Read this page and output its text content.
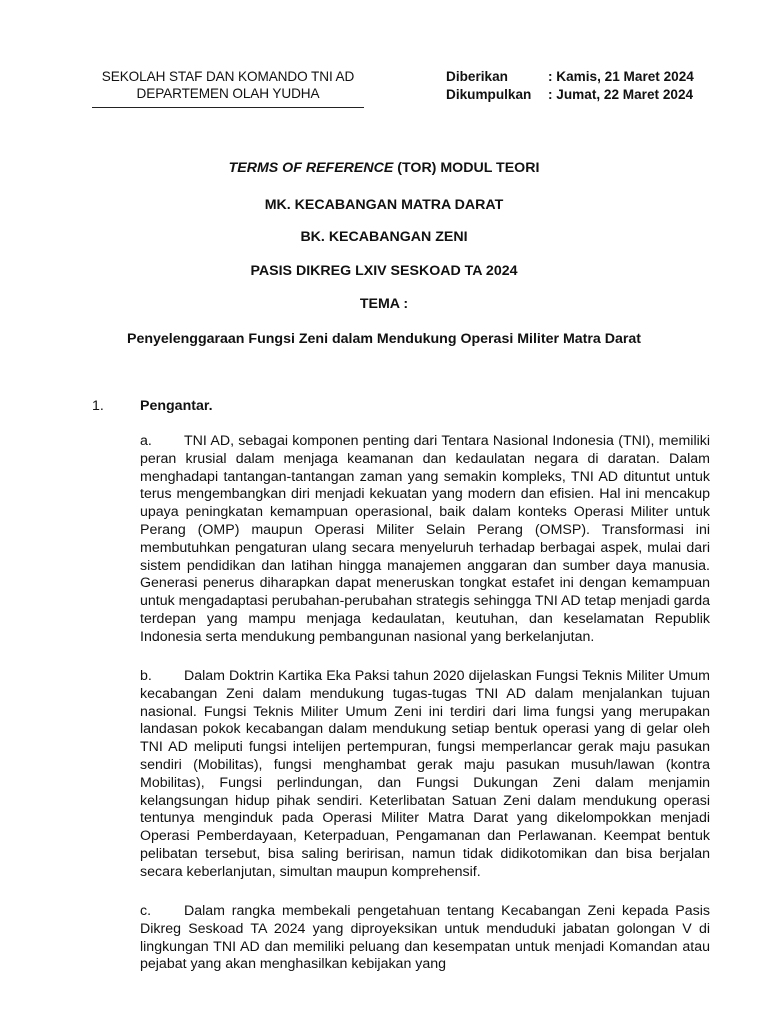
SEKOLAH STAF DAN KOMANDO TNI AD
DEPARTEMEN OLAH YUDHA
Diberikan	: Kamis, 21 Maret 2024
Dikumpulkan	: Jumat, 22 Maret 2024
TERMS OF REFERENCE (TOR) MODUL TEORI
MK. KECABANGAN MATRA DARAT
BK. KECABANGAN ZENI
PASIS DIKREG LXIV SESKOAD TA 2024
TEMA :
Penyelenggaraan Fungsi Zeni dalam Mendukung Operasi Militer Matra Darat
1.	Pengantar.

a. TNI AD, sebagai komponen penting dari Tentara Nasional Indonesia (TNI), memiliki peran krusial dalam menjaga keamanan dan kedaulatan negara di daratan. Dalam menghadapi tantangan-tantangan zaman yang semakin kompleks, TNI AD dituntut untuk terus mengembangkan diri menjadi kekuatan yang modern dan efisien. Hal ini mencakup upaya peningkatan kemampuan operasional, baik dalam konteks Operasi Militer untuk Perang (OMP) maupun Operasi Militer Selain Perang (OMSP). Transformasi ini membutuhkan pengaturan ulang secara menyeluruh terhadap berbagai aspek, mulai dari sistem pendidikan dan latihan hingga manajemen anggaran dan sumber daya manusia. Generasi penerus diharapkan dapat meneruskan tongkat estafet ini dengan kemampuan untuk mengadaptasi perubahan-perubahan strategis sehingga TNI AD tetap menjadi garda terdepan yang mampu menjaga kedaulatan, keutuhan, dan keselamatan Republik Indonesia serta mendukung pembangunan nasional yang berkelanjutan.

b. Dalam Doktrin Kartika Eka Paksi tahun 2020 dijelaskan Fungsi Teknis Militer Umum kecabangan Zeni dalam mendukung tugas-tugas TNI AD dalam menjalankan tujuan nasional. Fungsi Teknis Militer Umum Zeni ini terdiri dari lima fungsi yang merupakan landasan pokok kecabangan dalam mendukung setiap bentuk operasi yang di gelar oleh TNI AD meliputi fungsi intelijen pertempuran, fungsi memperlancar gerak maju pasukan sendiri (Mobilitas), fungsi menghambat gerak maju pasukan musuh/lawan (kontra Mobilitas), Fungsi perlindungan, dan Fungsi Dukungan Zeni dalam menjamin kelangsungan hidup pihak sendiri. Keterlibatan Satuan Zeni dalam mendukung operasi tentunya menginduk pada Operasi Militer Matra Darat yang dikelompokkan menjadi Operasi Pemberdayaan, Keterpaduan, Pengamanan dan Perlawanan. Keempat bentuk pelibatan tersebut, bisa saling beririsan, namun tidak didikotomikan dan bisa berjalan secara keberlanjutan, simultan maupun komprehensif.

c. Dalam rangka membekali pengetahuan tentang Kecabangan Zeni kepada Pasis Dikreg Seskoad TA 2024 yang diproyeksikan untuk menduduki jabatan golongan V di lingkungan TNI AD dan memiliki peluang dan kesempatan untuk menjadi Komandan atau pejabat yang akan menghasilkan kebijakan yang
